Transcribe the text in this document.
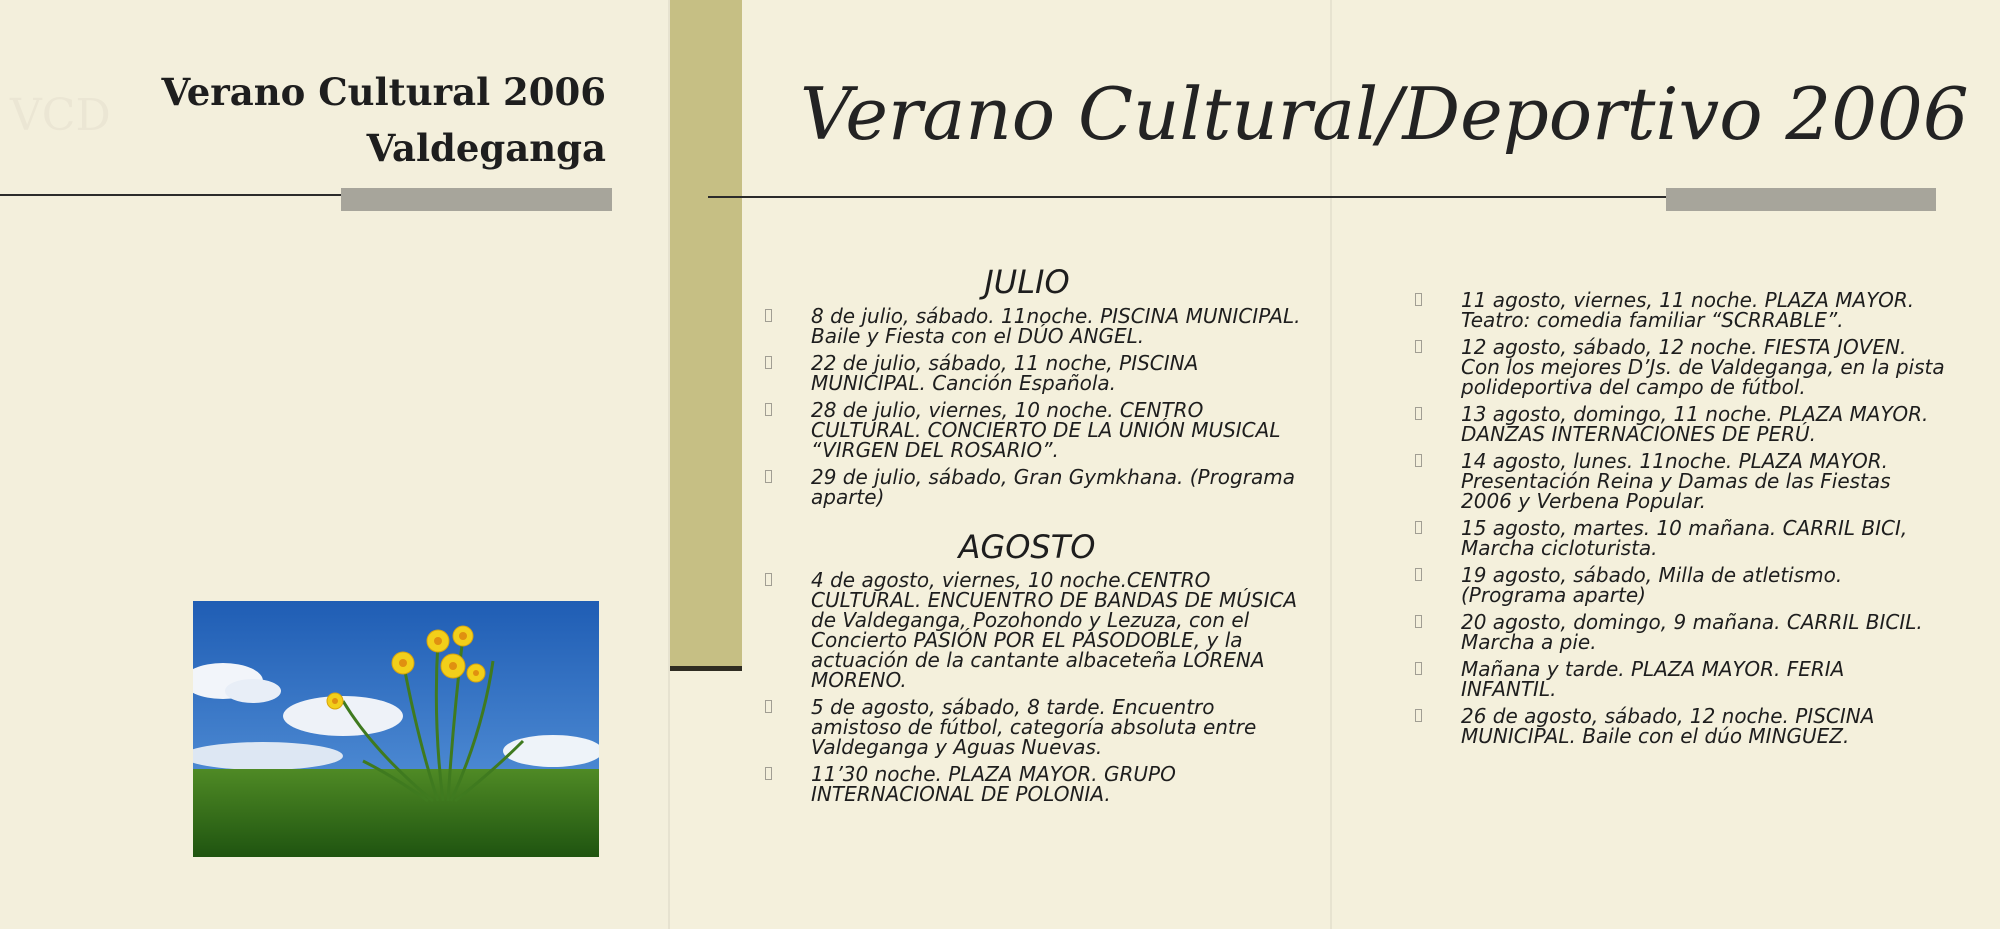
VCD Verano Cultural 2006
Valdeganga	Verano Cultural/Deportivo 2006
JULIO
8 de julio, sábado. 11noche. PISCINA MUNICIPAL. Baile y Fiesta con el DÚO ANGEL.
22 de julio, sábado, 11 noche, PISCINA MUNICIPAL. Canción Española.
28 de julio, viernes, 10 noche. CENTRO CULTURAL. CONCIERTO DE LA UNIÓN MUSICAL “VIRGEN DEL ROSARIO”.
29 de julio, sábado, Gran Gymkhana. (Programa aparte)
AGOSTO
4 de agosto, viernes, 10 noche.CENTRO CULTURAL. ENCUENTRO DE BANDAS DE MÚSICA de Valdeganga, Pozohondo y Lezuza, con el Concierto PASIÓN POR EL PASODOBLE, y la actuación de la cantante albaceteña LORENA MORENO.
5 de agosto, sábado, 8 tarde. Encuentro amistoso de fútbol, categoría absoluta entre Valdeganga y Aguas Nuevas.
11’30 noche. PLAZA MAYOR. GRUPO INTERNACIONAL DE POLONIA.
11 agosto, viernes, 11 noche. PLAZA MAYOR. Teatro: comedia familiar “SCRRABLE”.
12 agosto, sábado, 12 noche. FIESTA JOVEN. Con los mejores D’Js. de Valdeganga, en la pista polideportiva del campo de fútbol.
13 agosto, domingo, 11 noche. PLAZA MAYOR. DANZAS INTERNACIONES DE PERÚ.
14 agosto, lunes. 11noche. PLAZA MAYOR. Presentación Reina y Damas de las Fiestas 2006 y Verbena Popular.
15 agosto, martes. 10 mañana. CARRIL BICI, Marcha cicloturista.
19 agosto, sábado, Milla de atletismo. (Programa aparte)
20 agosto, domingo, 9 mañana. CARRIL BICIL. Marcha a pie.
Mañana y tarde. PLAZA MAYOR. FERIA INFANTIL.
26 de agosto, sábado, 12 noche. PISCINA MUNICIPAL. Baile con el dúo MINGUEZ.
